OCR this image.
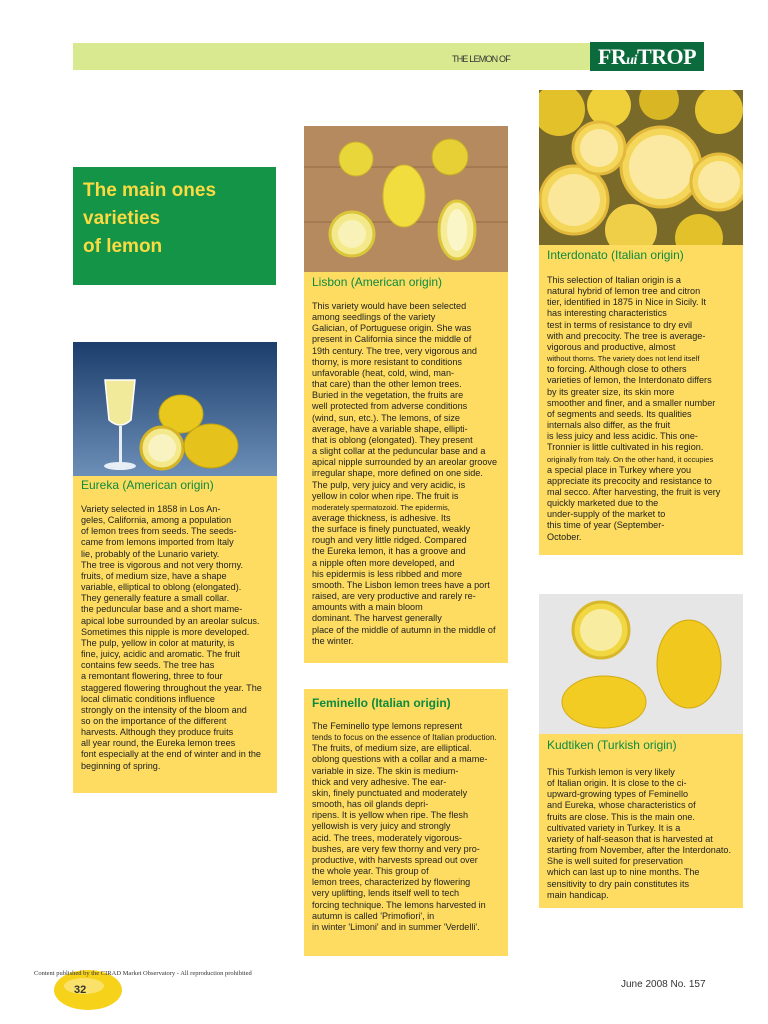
THE LEMON OF	FRuiTROP
The main ones
varieties
of lemon
Eureka (American origin)
Variety selected in 1858 in Los An-
geles, California, among a population
of lemon trees from seeds. The seeds-
came from lemons imported from Italy
lie, probably of the Lunario variety.
The tree is vigorous and not very thorny.
fruits, of medium size, have a shape
variable, elliptical to oblong (elongated).
They generally feature a small collar.
the peduncular base and a short mame-
apical lobe surrounded by an areolar sulcus.
Sometimes this nipple is more developed.
The pulp, yellow in color at maturity, is
fine, juicy, acidic and aromatic. The fruit
contains few seeds. The tree has
a remontant flowering, three to four
staggered flowering throughout the year. The
local climatic conditions influence
strongly on the intensity of the bloom and
so on the importance of the different
harvests. Although they produce fruits
all year round, the Eureka lemon trees
font especially at the end of winter and in the
beginning of spring.
Lisbon (American origin)
This variety would have been selected
among seedlings of the variety
Galician, of Portuguese origin. She was
present in California since the middle of
19th century. The tree, very vigorous and
thorny, is more resistant to conditions
unfavorable (heat, cold, wind, man-
that care) than the other lemon trees.
Buried in the vegetation, the fruits are
well protected from adverse conditions
(wind, sun, etc.). The lemons, of size
average, have a variable shape, ellipti-
that is oblong (elongated). They present
a slight collar at the peduncular base and a
apical nipple surrounded by an areolar groove
irregular shape, more defined on one side.
The pulp, very juicy and very acidic, is
yellow in color when ripe. The fruit is
moderately spermatozoid. The epidermis,
average thickness, is adhesive. Its
the surface is finely punctuated, weakly
rough and very little ridged. Compared
the Eureka lemon, it has a groove and
a nipple often more developed, and
his epidermis is less ribbed and more
smooth. The Lisbon lemon trees have a port
raised, are very productive and rarely re-
amounts with a main bloom
dominant. The harvest generally
place of the middle of autumn in the middle of
the winter.
Interdonato (Italian origin)
This selection of Italian origin is a
natural hybrid of lemon tree and citron
tier, identified in 1875 in Nice in Sicily. It
has interesting characteristics
test in terms of resistance to dry evil
with and precocity. The tree is average-
vigorous and productive, almost
without thorns. The variety does not lend itself
to forcing. Although close to others
varieties of lemon, the Interdonato differs
by its greater size, its skin more
smoother and finer, and a smaller number
of segments and seeds. Its qualities
internals also differ, as the fruit
is less juicy and less acidic. This one-
Tronnier is little cultivated in his region.
originally from Italy. On the other hand, it occupies
a special place in Turkey where you
appreciate its precocity and resistance to
mal secco. After harvesting, the fruit is very
quickly marketed due to the
under-supply of the market to
this time of year (September-
October.
Feminello (Italian origin)
The Feminello type lemons represent
tends to focus on the essence of Italian production.
The fruits, of medium size, are elliptical.
oblong questions with a collar and a mame-
variable in size. The skin is medium-
thick and very adhesive. The ear-
skin, finely punctuated and moderately
smooth, has oil glands depri-
ripens. It is yellow when ripe. The flesh
yellowish is very juicy and strongly
acid. The trees, moderately vigorous-
bushes, are very few thorny and very pro-
productive, with harvests spread out over
the whole year. This group of
lemon trees, characterized by flowering
very uplifting, lends itself well to tech
forcing technique. The lemons harvested in
autumn is called 'Primofiori', in
in winter 'Limoni' and in summer 'Verdelli'.
Kudtiken (Turkish origin)
This Turkish lemon is very likely
of Italian origin. It is close to the ci-
upward-growing types of Feminello
and Eureka, whose characteristics of
fruits are close. This is the main one.
cultivated variety in Turkey. It is a
variety of half-season that is harvested at
starting from November, after the Interdonato.
She is well suited for preservation
which can last up to nine months. The
sensitivity to dry pain constitutes its
main handicap.
Content published by the CIRAD Market Observatory - All reproduction prohibited
32	June 2008 No. 157
